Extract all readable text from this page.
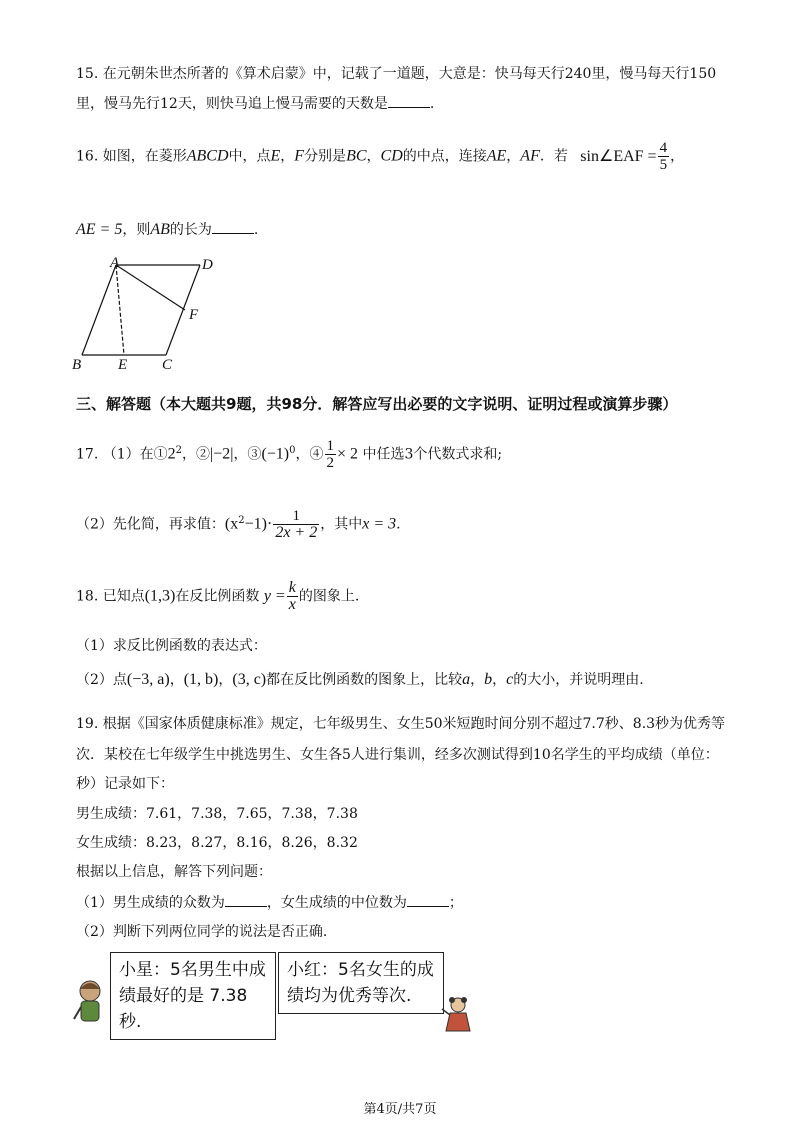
15. 在元朝朱世杰所著的《算术启蒙》中，记载了一道题，大意是：快马每天行240里，慢马每天行150
里，慢马先行12天，则快马追上慢马需要的天数是	.
16. 如图，在菱形ABCD中，点E，F分别是BC，CD的中点，连接AE，AF．若 sin∠EAF = $\frac{4}{5}$ ，
AE = 5，则AB的长为	.
A	D
F
B E C
三、解答题（本大题共9题，共98分．解答应写出必要的文字说明、证明过程或演算步骤）
17. （1）在$①2^2$，②|−2|，$③(-1)^0$，④ $\frac{1}{2} \times 2$ 中任选3个代数式求和;
（2）先化简，再求值：$(x^2-1)\cdot \frac{1}{2x + 2}$ ，其中x = 3.
18. 已知点(1,3)在反比例函数 $y = \frac{k}{x}$ 的图象上.
（1）求反比例函数的表达式：
（2）点(−3, a)，(1, b)，(3, c)都在反比例函数的图象上，比较a，b，c的大小，并说明理由.
19. 根据《国家体质健康标准》规定，七年级男生、女生50米短跑时间分别不超过7.7秒、8.3秒为优秀等
次．某校在七年级学生中挑选男生、女生各5人进行集训，经多次测试得到10名学生的平均成绩（单位：
秒）记录如下：
男生成绩：7.61，7.38，7.65，7.38，7.38
女生成绩：8.23，8.27，8.16，8.26，8.32
根据以上信息，解答下列问题：
（1）男生成绩的众数为	，女生成绩的中位数为	；
（2）判断下列两位同学的说法是否正确.
小星：5名男生中成
绩最好的是 7.38 秒.
小红：5名女生的成
绩均为优秀等次.
第4页/共7页
